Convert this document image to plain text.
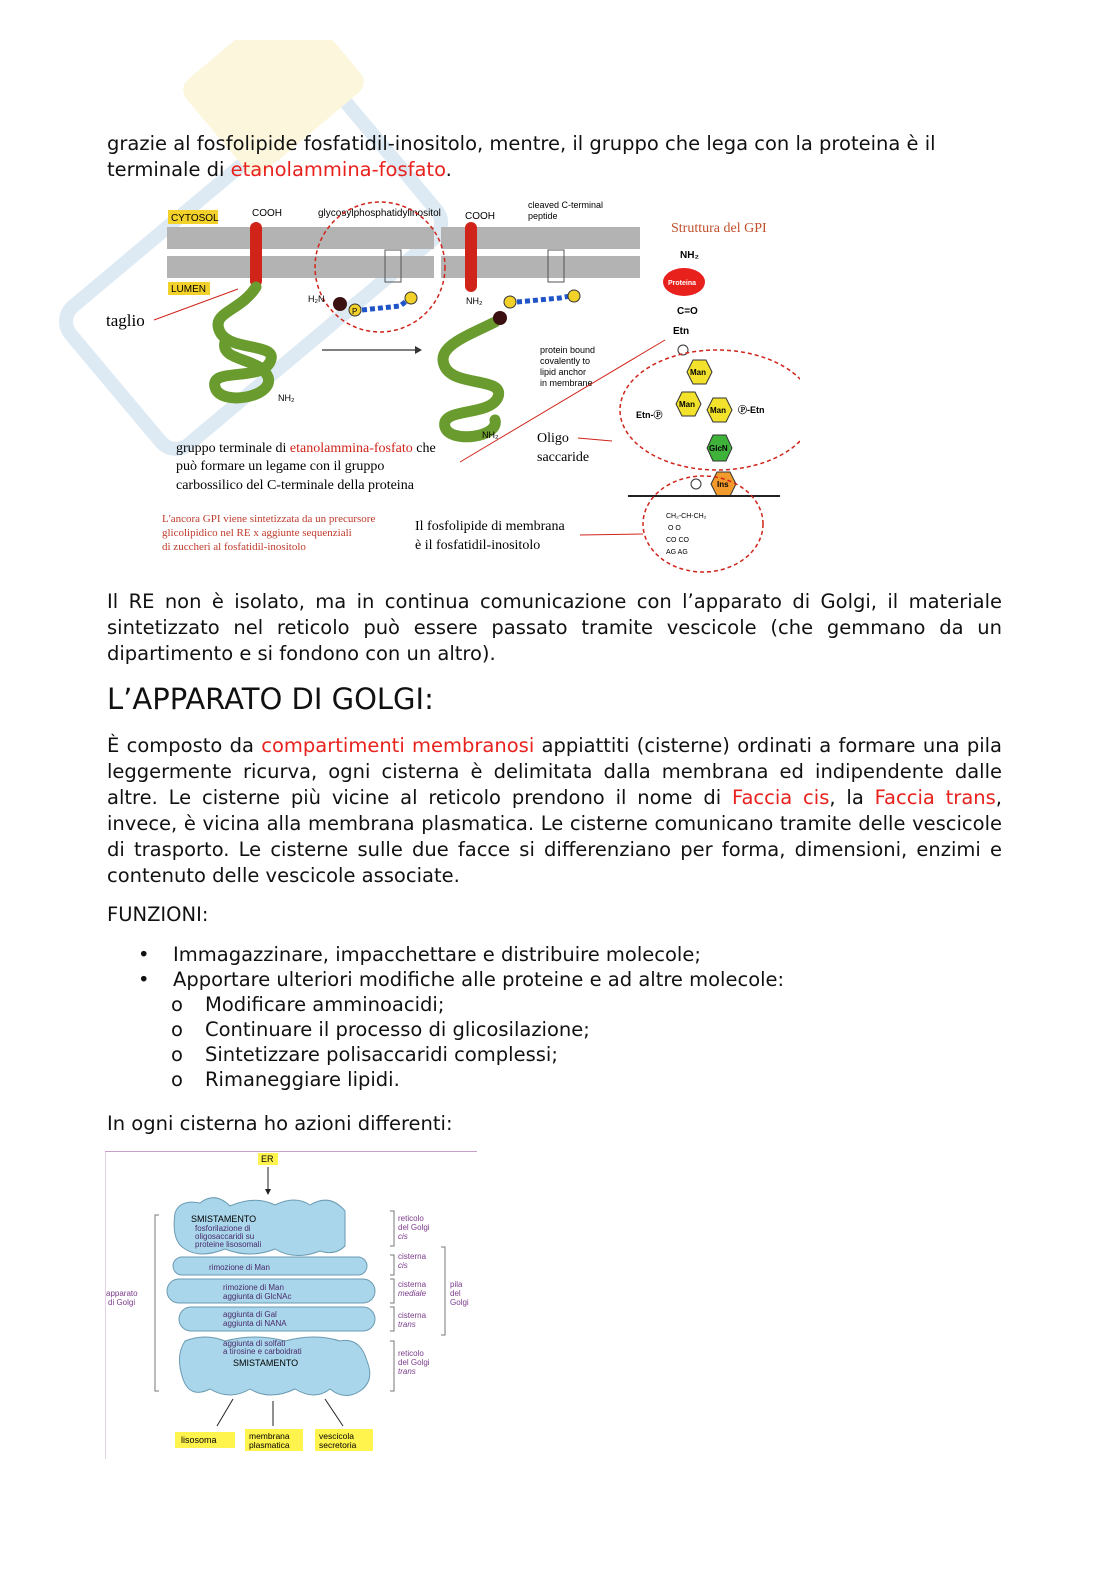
grazie al fosfolipide fosfatidil-inositolo, mentre, il gruppo che lega con la proteina è il
terminale di etanolammina-fosfato.
CYTOSOL
LUMEN
COOH	COOH
glycosylphosphatidylinositol
cleaved C-terminal
peptide
NH₂
NH₂
NH₂
P
H₂N
taglio
protein bound
covalently to
lipid anchor
in membrane
Oligo
saccaride
gruppo terminale di etanolammina-fosfato che
può formare un legame con il gruppo
carbossilico del C-terminale della proteina
L'ancora GPI viene sintetizzata da un precursore
glicolipidico nel RE x aggiunte sequenziali
di zuccheri al fosfatidil-inositolo
Il fosfolipide di membrana
è il fosfatidil-inositolo
Struttura del GPI
NH₂
Proteina
C=O
Etn
Man
Man
Man
Etn-Ⓟ	Ⓟ-Etn
GlcN
Ins
CH₂-CH-CH₂
O O
CO CO
AG AG
Il RE non è isolato, ma in continua comunicazione con l’apparato di Golgi, il materiale sintetizzato nel reticolo può essere passato tramite vescicole (che gemmano da un dipartimento e si fondono con un altro).
L’APPARATO DI GOLGI:
È composto da compartimenti membranosi appiattiti (cisterne) ordinati a formare una pila leggermente ricurva, ogni cisterna è delimitata dalla membrana ed indipendente dalle altre. Le cisterne più vicine al reticolo prendono il nome di Faccia cis, la Faccia trans, invece, è vicina alla membrana plasmatica. Le cisterne comunicano tramite delle vescicole di trasporto. Le cisterne sulle due facce si differenziano per forma, dimensioni, enzimi e contenuto delle vescicole associate.
FUNZIONI:
• Immagazzinare, impacchettare e distribuire molecole;
• Apportare ulteriori modifiche alle proteine e ad altre molecole:
o Modificare amminoacidi;
o Continuare il processo di glicosilazione;
o Sintetizzare polisaccaridi complessi;
o Rimaneggiare lipidi.
In ogni cisterna ho azioni differenti:
ER
SMISTAMENTO
fosforilazione di
oligosaccaridi su
proteine lisosomali
rimozione di Man
rimozione di Man
aggiunta di GlcNAc
aggiunta di Gal
aggiunta di NANA
aggiunta di solfati
a tirosine e carboidrati
SMISTAMENTO
apparato
di Golgi
reticolo
del Golgi
cis
cisterna
cis
cisterna
mediale
cisterna
trans
reticolo
del Golgi
trans
pila
del
Golgi
lisosoma	membrana
plasmatica
vescicola
secretoria
